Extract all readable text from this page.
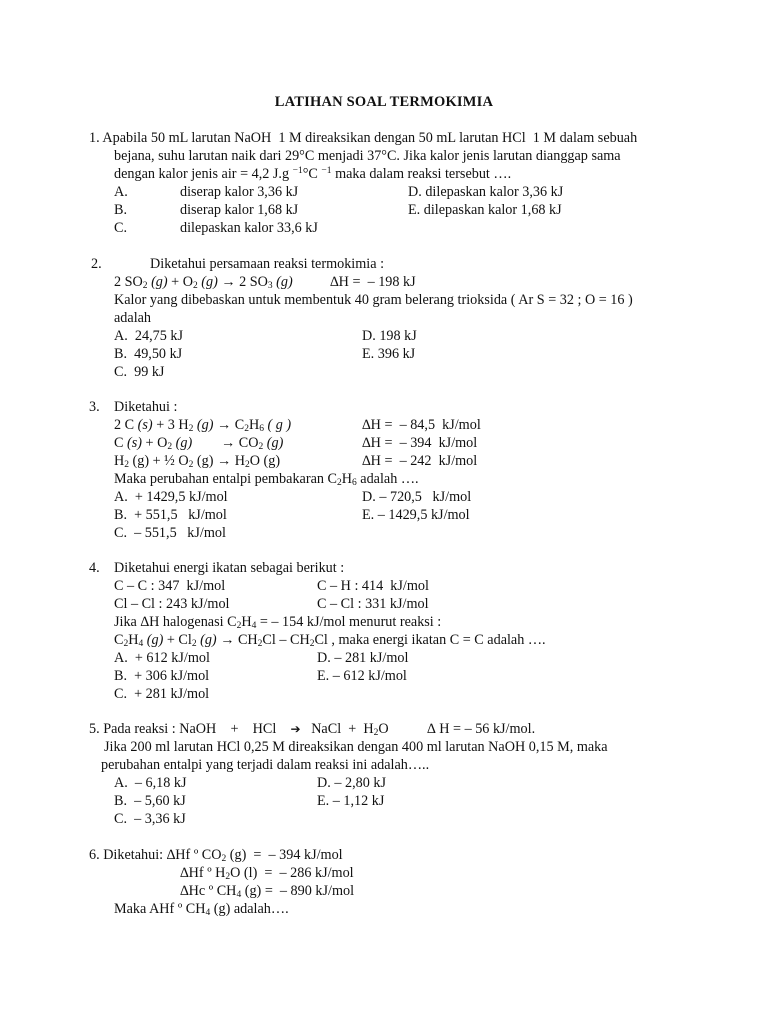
LATIHAN SOAL TERMOKIMIA
1. Apabila 50 mL larutan NaOH  1 M direaksikan dengan 50 mL larutan HCl  1 M dalam sebuah
bejana, suhu larutan naik dari 29°C menjadi 37°C. Jika kalor jenis larutan dianggap sama
dengan kalor jenis air = 4,2 J.g $^{-1}$°C $^{-1}$ maka dalam reaksi tersebut ….
A.	diserap kalor 3,36 kJ	D. dilepaskan kalor 3,36 kJ
B.	diserap kalor 1,68 kJ	E. dilepaskan kalor 1,68 kJ
C.	dilepaskan kalor 33,6 kJ
2.	Diketahui persamaan reaksi termokimia :
2 $SO_2$ $(g) + O_2$ (g) → 2 $SO_3$ (g)	∆H =  – 198 kJ
Kalor yang dibebaskan untuk membentuk 40 gram belerang trioksida ( Ar S = 32 ; O = 16 )
adalah
A.  24,75 kJ	D. 198 kJ
B.  49,50 kJ	E. 396 kJ
C.  99 kJ
3. Diketahui :
2 C (s) + 3 $H_2$ $(g) \to C_2H_6$ ( g )	∆H =  – 84,5  kJ/mol
C $(s) + O_2$ $(g) \to CO_2$ (g)	∆H =  – 394  kJ/mol
$H_2$ (g) + ½ $O_2$ $(g) \to H_2O$ (g)	∆H =  – 242  kJ/mol
Maka perubahan entalpi pembakaran $C_2H_6$ adalah ….
A.  + 1429,5 kJ/mol	D. – 720,5   kJ/mol
B.  + 551,5   kJ/mol	E. – 1429,5 kJ/mol
C.  – 551,5   kJ/mol
4. Diketahui energi ikatan sebagai berikut :
C – C : 347  kJ/mol	C – H : 414  kJ/mol
Cl – Cl : 243 kJ/mol	C – Cl : 331 kJ/mol
Jika ∆H halogenasi $C_2H_4$ = – 154 kJ/mol menurut reaksi :
$C_2H_4$ $(g) + Cl_2$ $(g) \to CH_2Cl - CH_2Cl$ , maka energi ikatan C = C adalah ….
A.  + 612 kJ/mol	D. – 281 kJ/mol
B.  + 306 kJ/mol	E. – 612 kJ/mol
C.  + 281 kJ/mol
5. Pada reaksi : NaOH    +    HCl    ➔   NaCl  +  $H_2O$	∆ H = – 56 kJ/mol.
Jika 200 ml larutan HCl 0,25 M direaksikan dengan 400 ml larutan NaOH 0,15 M, maka
perubahan entalpi yang terjadi dalam reaksi ini adalah…..
A.  – 6,18 kJ	D. – 2,80 kJ
B.  – 5,60 kJ	E. – 1,12 kJ
C.  – 3,36 kJ
6. Diketahui: ∆Hf º $CO_2$ (g)  =  – 394 kJ/mol
∆Hf º $H_2O$ (l)  =  – 286 kJ/mol
∆Hc º $CH_4$ (g) =  – 890 kJ/mol
Maka AHf º $CH_4$ (g) adalah….
